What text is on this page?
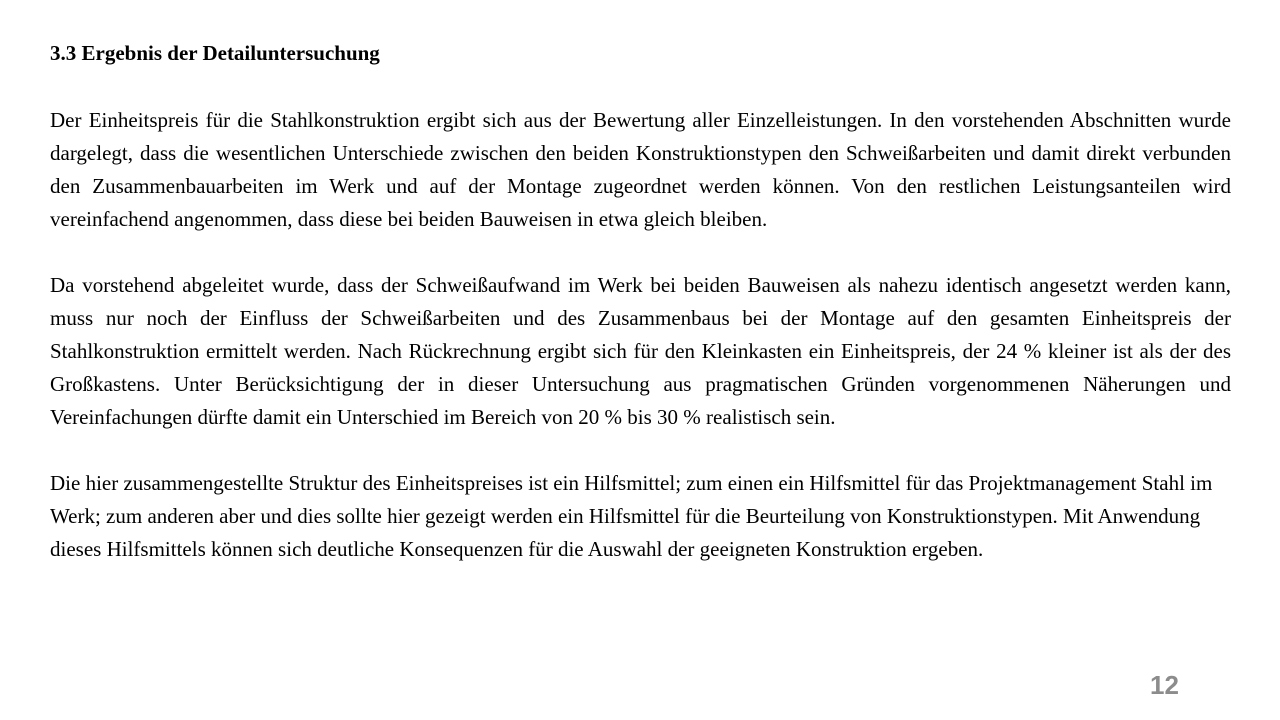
3.3 Ergebnis der Detailuntersuchung

Der Einheitspreis für die Stahlkonstruktion ergibt sich aus der Bewertung aller Einzelleistungen. In den vorstehenden Abschnitten wurde dargelegt, dass die wesentlichen Unterschiede zwischen den beiden Konstruktionstypen den Schweißarbeiten und damit direkt verbunden den Zusammenbauarbeiten im Werk und auf der Montage zugeordnet werden können. Von den restlichen Leistungsanteilen wird vereinfachend angenommen, dass diese bei beiden Bauweisen in etwa gleich bleiben.

Da vorstehend abgeleitet wurde, dass der Schweißaufwand im Werk bei beiden Bauweisen als nahezu identisch angesetzt werden kann, muss nur noch der Einfluss der Schweißarbeiten und des Zusammenbaus bei der Montage auf den gesamten Einheitspreis der Stahlkonstruktion ermittelt werden. Nach Rückrechnung ergibt sich für den Kleinkasten ein Einheitspreis, der 24 % kleiner ist als der des Großkastens. Unter Berücksichtigung der in dieser Untersuchung aus pragmatischen Gründen vorgenommenen Näherungen und Vereinfachungen dürfte damit ein Unterschied im Bereich von 20 % bis 30 % realistisch sein.

Die hier zusammengestellte Struktur des Einheitspreises ist ein Hilfsmittel; zum einen ein Hilfsmittel für das Projektmanagement Stahl im Werk; zum anderen aber und dies sollte hier gezeigt werden ein Hilfsmittel für die Beurteilung von Konstruktionstypen. Mit Anwendung dieses Hilfsmittels können sich deutliche Konsequenzen für die Auswahl der geeigneten Konstruktion ergeben.

12
